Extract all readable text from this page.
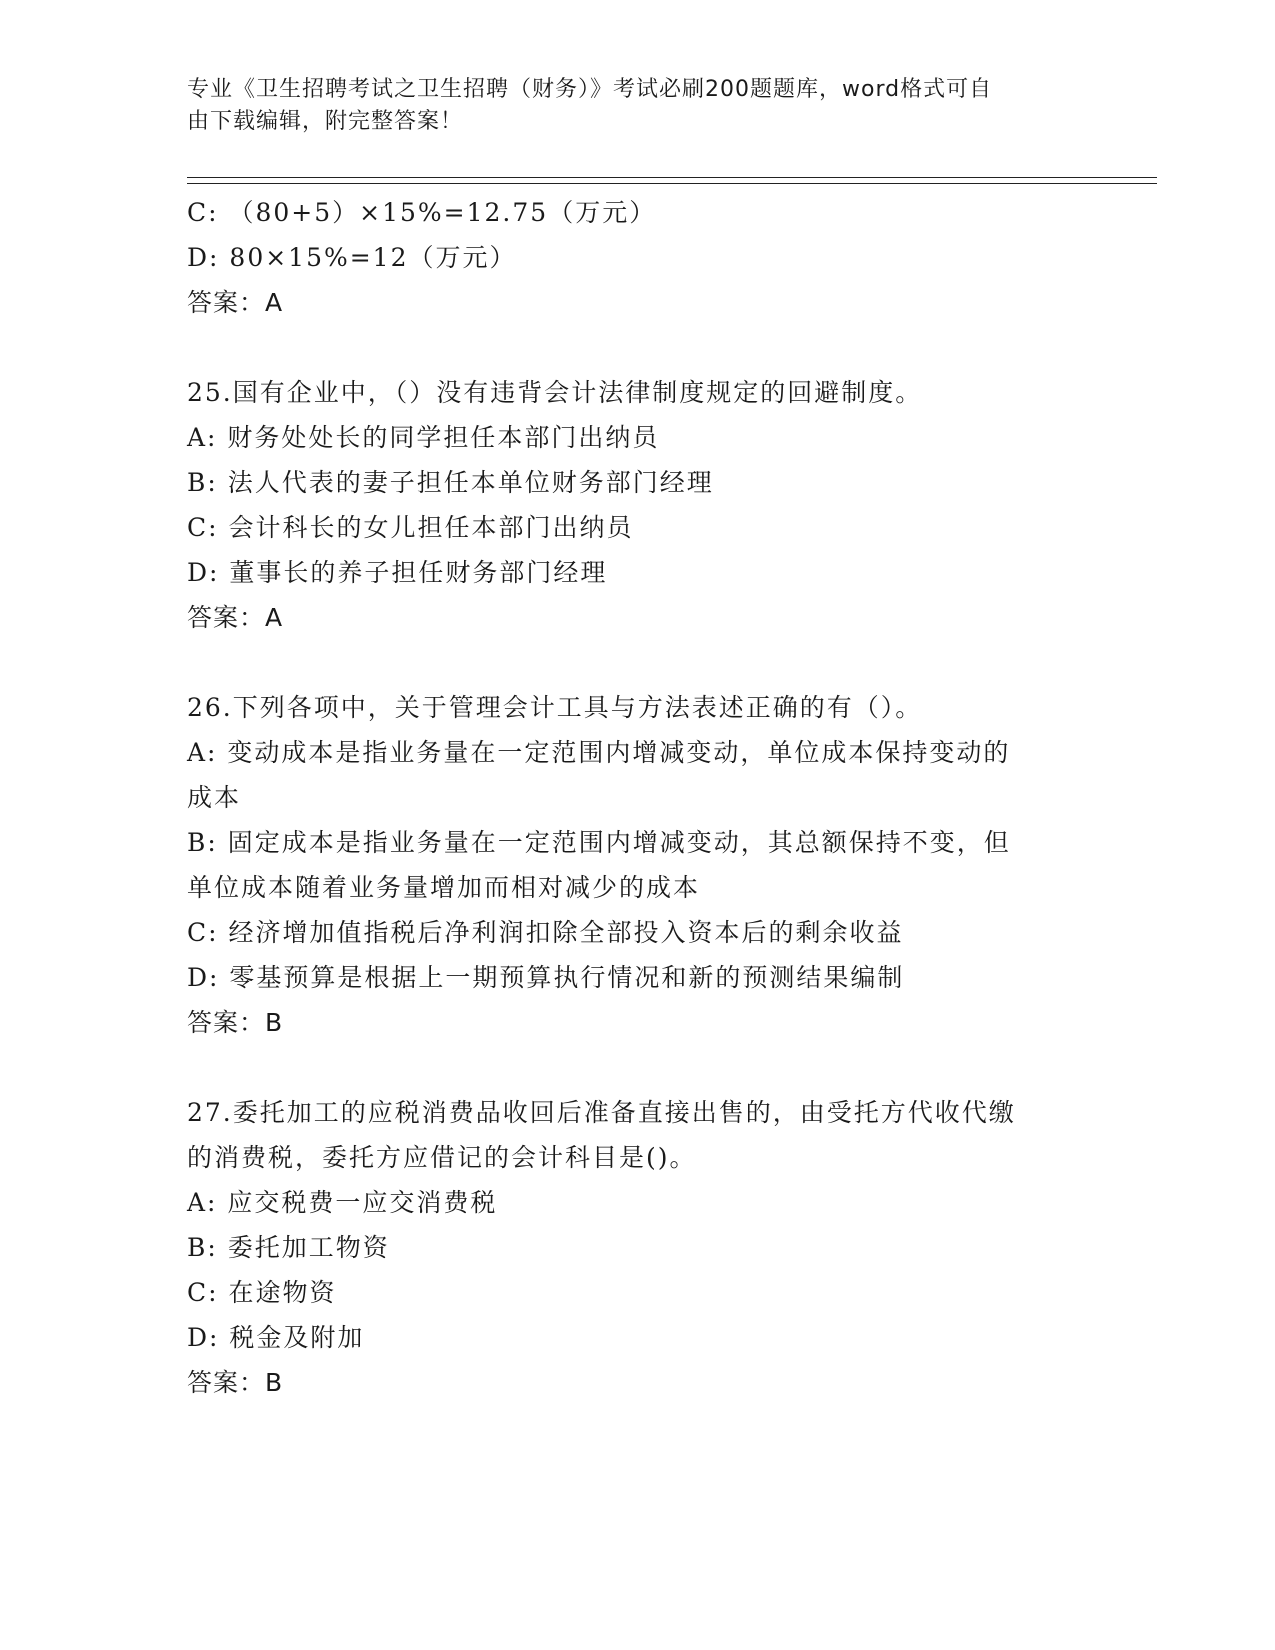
专业《卫生招聘考试之卫生招聘（财务）》考试必刷200题题库，word格式可自

由下载编辑，附完整答案！

C: （80+5）×15%=12.75（万元）
D: 80×15%=12（万元）
答案：A
25.国有企业中，（）没有违背会计法律制度规定的回避制度。
A: 财务处处长的同学担任本部门出纳员
B: 法人代表的妻子担任本单位财务部门经理
C: 会计科长的女儿担任本部门出纳员
D: 董事长的养子担任财务部门经理
答案：A
26.下列各项中，关于管理会计工具与方法表述正确的有（）。
A: 变动成本是指业务量在一定范围内增减变动，单位成本保持变动的
成本
B: 固定成本是指业务量在一定范围内增减变动，其总额保持不变，但
单位成本随着业务量增加而相对减少的成本
C: 经济增加值指税后净利润扣除全部投入资本后的剩余收益
D: 零基预算是根据上一期预算执行情况和新的预测结果编制
答案：B
27.委托加工的应税消费品收回后准备直接出售的，由受托方代收代缴
的消费税，委托方应借记的会计科目是()。
A: 应交税费一应交消费税
B: 委托加工物资
C: 在途物资
D: 税金及附加
答案：B
